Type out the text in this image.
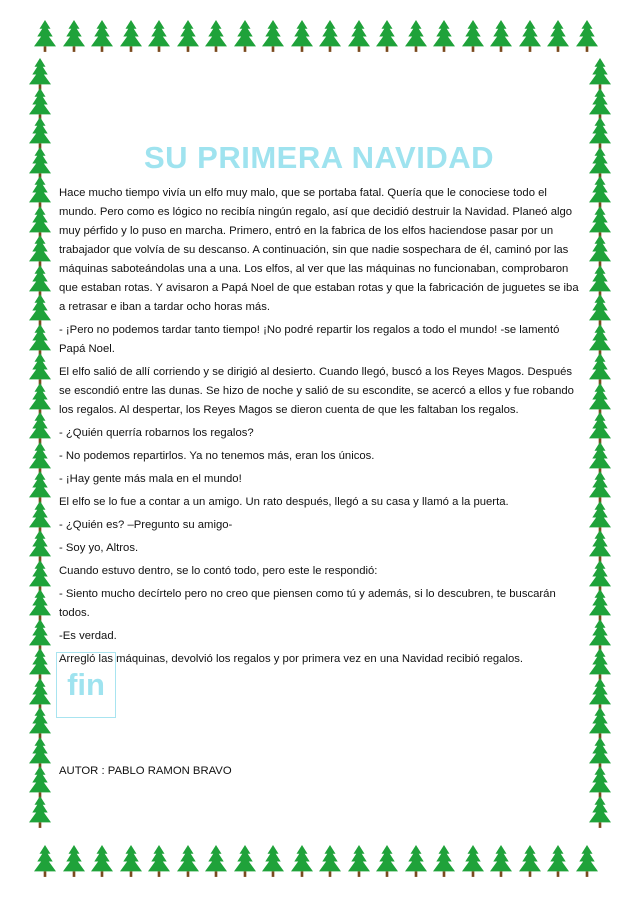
SU PRIMERA NAVIDAD

Hace mucho tiempo vivía un elfo muy malo, que se portaba fatal. Quería que le conociese todo el mundo. Pero como es lógico no recibía ningún regalo, así que decidió destruir la Navidad. Planeó algo muy pérfido y lo puso en marcha. Primero, entró en la fabrica de los elfos haciendose pasar por un trabajador que volvía de su descanso. A continuación, sin que nadie sospechara de él, caminó por las máquinas saboteándolas una a una. Los elfos, al ver que las máquinas no funcionaban, comprobaron que estaban rotas. Y avisaron a Papá Noel de que estaban rotas y que la fabricación de juguetes se iba a retrasar e iban a tardar ocho horas más.

- ¡Pero no podemos tardar tanto tiempo! ¡No podré repartir los regalos a todo el mundo! -se lamentó Papá Noel.

El elfo salió de allí corriendo y se dirigió al desierto. Cuando llegó, buscó a los Reyes Magos. Después se escondió entre las dunas. Se hizo de noche y salió de su escondite, se acercó a ellos y fue robando los regalos. Al despertar, los Reyes Magos se dieron cuenta de que les faltaban los regalos.

- ¿Quién querría robarnos los regalos?

- No podemos repartirlos. Ya no tenemos más, eran los únicos.

- ¡Hay gente más mala en el mundo!

El elfo se lo fue a contar a un amigo. Un rato después, llegó a su casa y llamó a la puerta.

- ¿Quién es? –Pregunto su amigo-

- Soy yo, Altros.

Cuando estuvo dentro, se lo contó todo, pero este le respondió:

- Siento mucho decírtelo pero no creo que piensen como tú y además, si lo descubren, te buscarán todos.

-Es verdad.

Arregló las máquinas, devolvió los regalos y por primera vez en una Navidad recibió regalos.

fin
AUTOR : PABLO RAMON BRAVO
